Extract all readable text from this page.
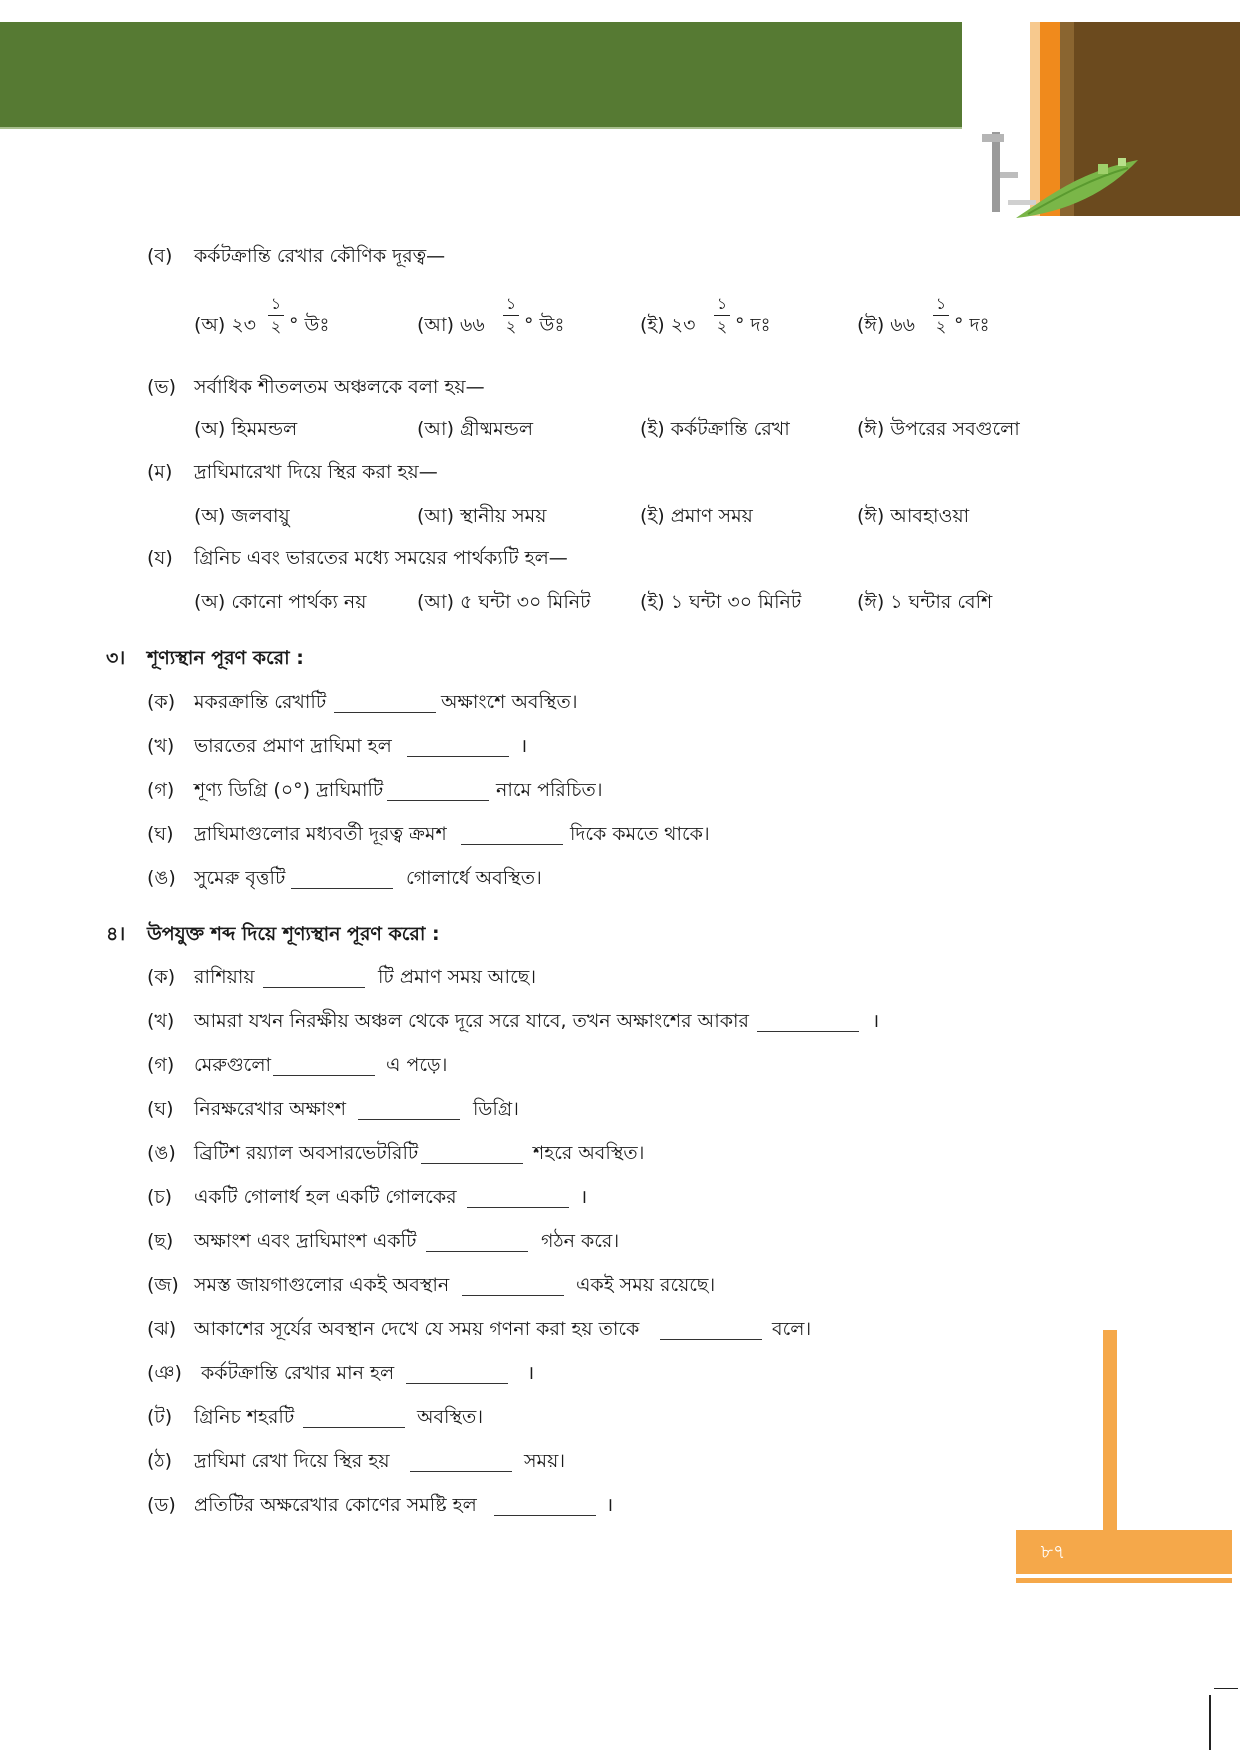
(ব) কর্কটক্রান্তি রেখার কৌণিক দূরত্ব—
(অ) ২৩
১
২ ° উঃ	(আ) ৬৬
১
২ ° উঃ	(ই) ২৩
১
২ ° দঃ	(ঈ) ৬৬
১
২ ° দঃ
(ভ) সর্বাধিক শীতলতম অঞ্চলকে বলা হয়—
(অ) হিমমন্ডল	(আ) গ্রীষ্মমন্ডল	(ই) কর্কটক্রান্তি রেখা	(ঈ) উপরের সবগুলো
(ম) দ্রাঘিমারেখা দিয়ে স্থির করা হয়—
(অ) জলবায়ু	(আ) স্থানীয় সময়	(ই) প্রমাণ সময়	(ঈ) আবহাওয়া
(য) গ্রিনিচ এবং ভারতের মধ্যে সময়ের পার্থক্যটি হল—
(অ) কোনো পার্থক্য নয়	(আ) ৫ ঘন্টা ৩০ মিনিট	(ই) ১ ঘন্টা ৩০ মিনিট	(ঈ) ১ ঘন্টার বেশি
৩। শূণ্যস্থান পূরণ করো :
(ক) মকরক্রান্তি রেখাটি	অক্ষাংশে অবস্থিত।
(খ) ভারতের প্রমাণ দ্রাঘিমা হল	।
(গ) শূণ্য ডিগ্রি (০°) দ্রাঘিমাটি	নামে পরিচিত।
(ঘ) দ্রাঘিমাগুলোর মধ্যবর্তী দূরত্ব ক্রমশ	দিকে কমতে থাকে।
(ঙ) সুমেরু বৃত্তটি	গোলার্ধে অবস্থিত।
৪। উপযুক্ত শব্দ দিয়ে শূণ্যস্থান পূরণ করো :
(ক) রাশিয়ায়	টি প্রমাণ সময় আছে।
(খ) আমরা যখন নিরক্ষীয় অঞ্চল থেকে দূরে সরে যাবে, তখন অক্ষাংশের আকার	।
(গ) মেরুগুলো	এ পড়ে।
(ঘ) নিরক্ষরেখার অক্ষাংশ	ডিগ্রি।
(ঙ) ব্রিটিশ রয়্যাল অবসারভেটরিটি	শহরে অবস্থিত।
(চ) একটি গোলার্ধ হল একটি গোলকের	।
(ছ) অক্ষাংশ এবং দ্রাঘিমাংশ একটি	গঠন করে।
(জ) সমস্ত জায়গাগুলোর একই অবস্থান	একই সময় রয়েছে।
(ঝ) আকাশের সূর্যের অবস্থান দেখে যে সময় গণনা করা হয় তাকে	বলে।
(ঞ) কর্কটক্রান্তি রেখার মান হল	।
(ট) গ্রিনিচ শহরটি	অবস্থিত।
(ঠ) দ্রাঘিমা রেখা দিয়ে স্থির হয়	সময়।
(ড) প্রতিটির অক্ষরেখার কোণের সমষ্টি হল	।
৮৭
